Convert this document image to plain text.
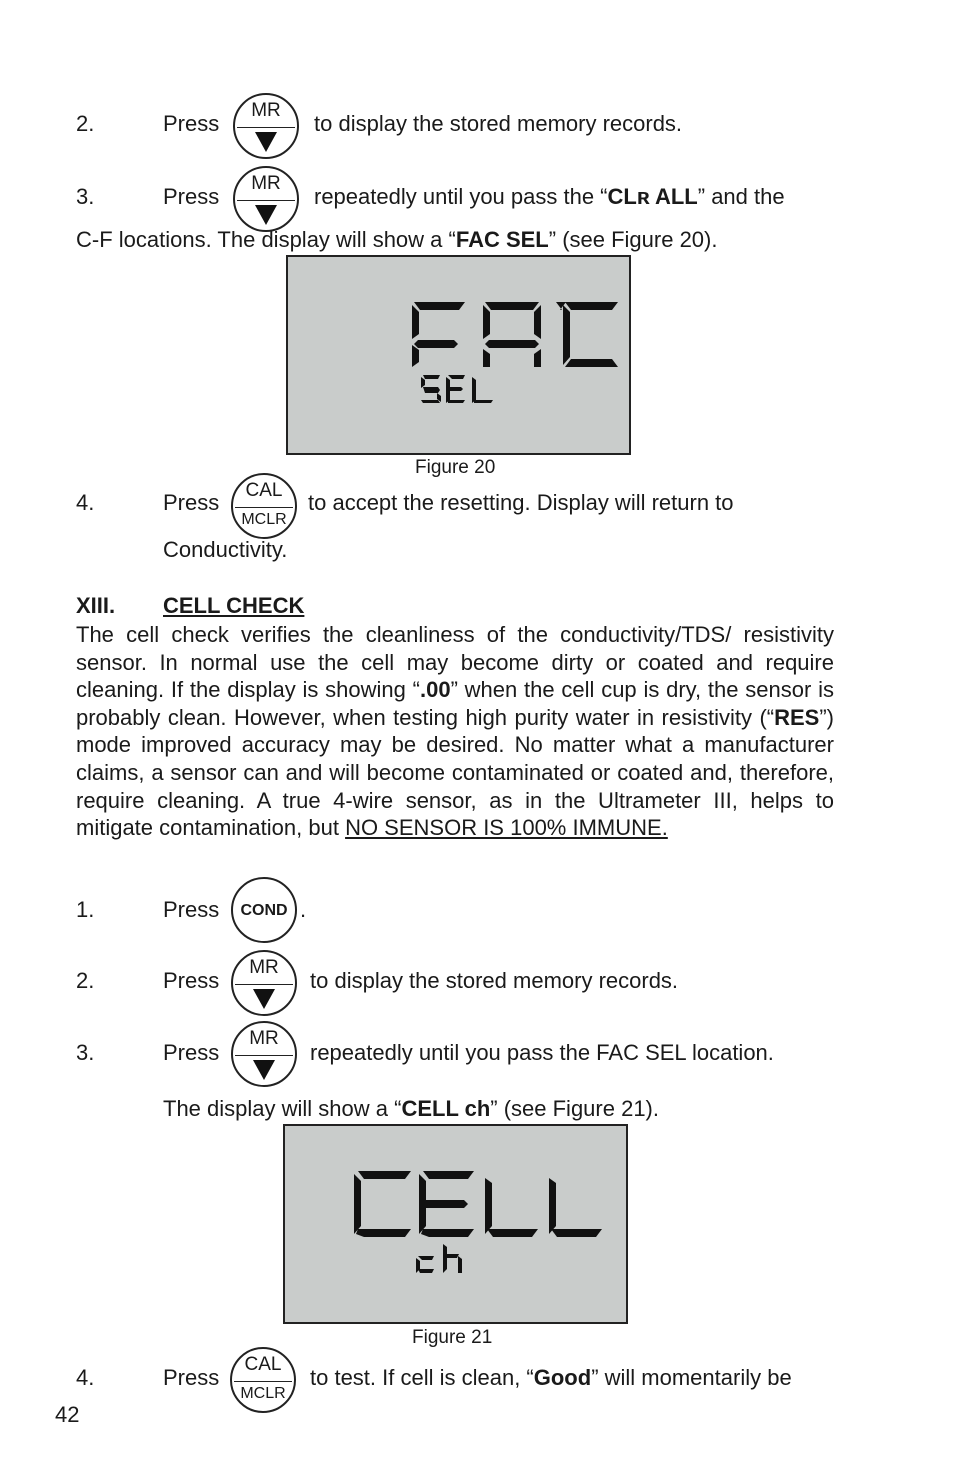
2.	Press
MR
to display the stored memory records.
3.	Press
MR
repeatedly until you pass the “CLʀ ALL” and the
C-F locations. The display will show a “FAC SEL” (see Figure 20).
Figure 20
4.	Press	CAL
MCLR
to accept the resetting. Display will return to
Conductivity.
XIII. CELL CHECK
The cell check verifies the cleanliness of the conductivity/TDS/ resistivity sensor. In normal use the cell may become dirty or coated and require cleaning. If the display is showing “.00” when the cell cup is dry, the sensor is probably clean. However, when testing high purity water in resistivity (“RES”) mode improved accuracy may be desired. No matter what a manufacturer claims, a sensor can and will become contaminated or coated and, therefore, require cleaning. A true 4-wire sensor, as in the Ultrameter III, helps to mitigate contamination, but NO SENSOR IS 100% IMMUNE.
1.	Press	COND .
2.	Press
MR
to display the stored memory records.
3.	Press
MR
repeatedly until you pass the FAC SEL location.
The display will show a “CELL ch” (see Figure 21).
Figure 21
4.	Press
CAL
MCLR
to test. If cell is clean, “Good” will momentarily be
42
